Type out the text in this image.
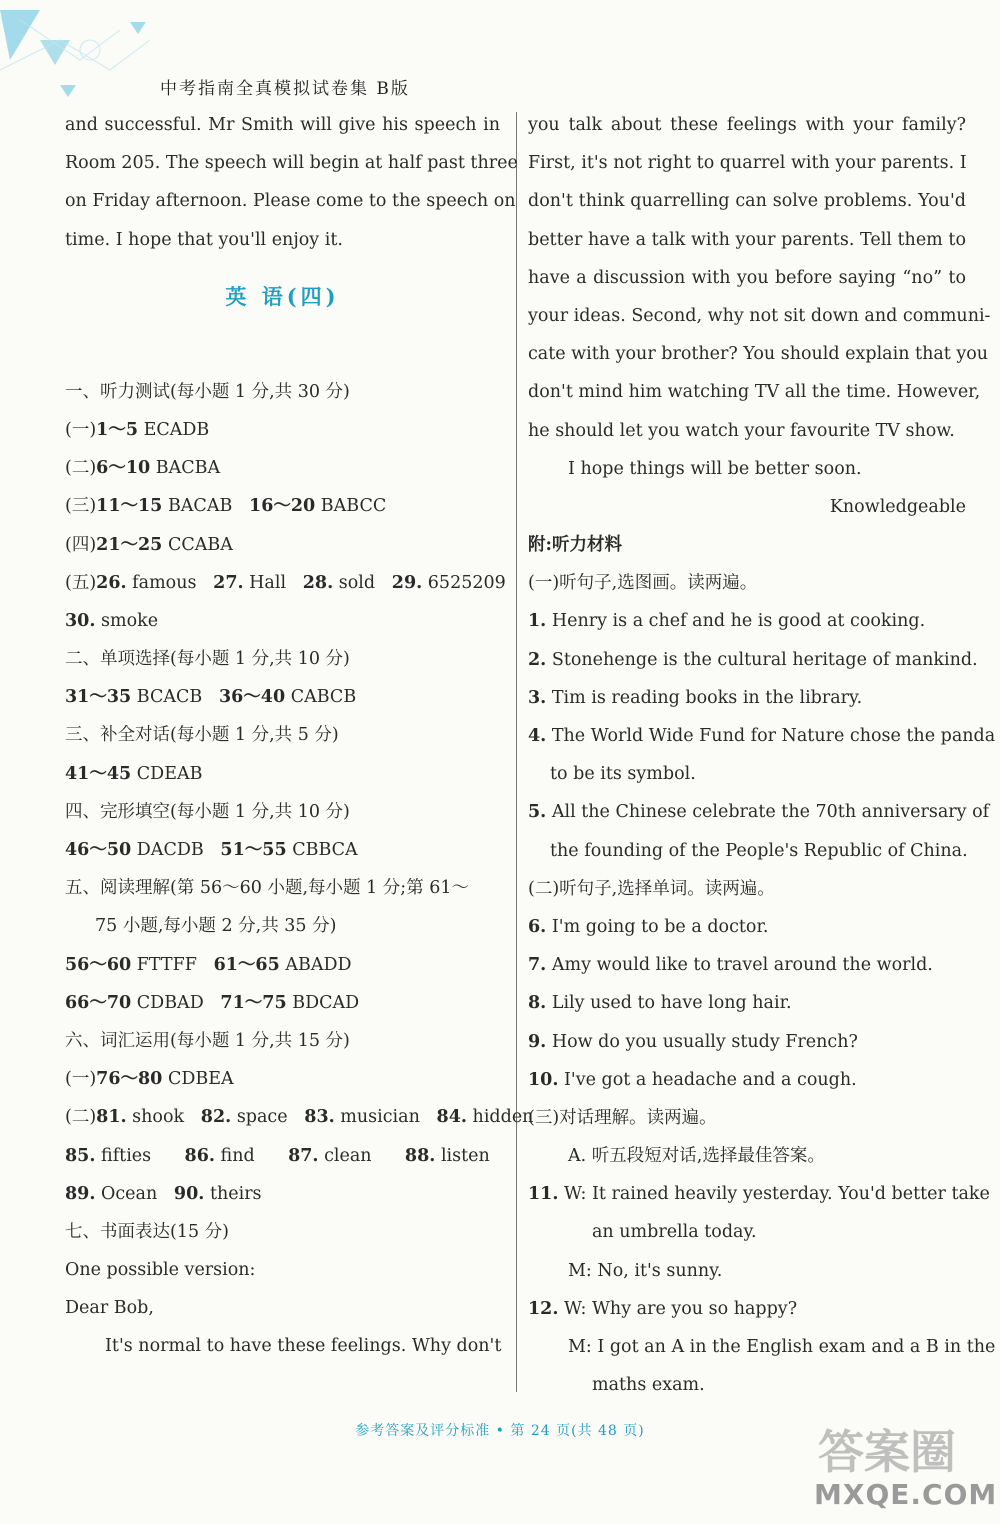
中考指南全真模拟试卷集 B版
and successful. Mr Smith will give his speech in
Room 205. The speech will begin at half past three
on Friday afternoon. Please come to the speech on
time. I hope that you'll enjoy it.
英 语(四)
一、听力测试(每小题 1 分,共 30 分)
(一)1～5 ECADB
(二)6～10 BACBA
(三)11～15 BACAB   16～20 BABCC
(四)21～25 CCABA
(五)26. famous   27. Hall   28. sold   29. 6525209
30. smoke
二、单项选择(每小题 1 分,共 10 分)
31～35 BCACB   36～40 CABCB
三、补全对话(每小题 1 分,共 5 分)
41～45 CDEAB
四、完形填空(每小题 1 分,共 10 分)
46～50 DACDB   51～55 CBBCA
五、阅读理解(第 56～60 小题,每小题 1 分;第 61～
75 小题,每小题 2 分,共 35 分)
56～60 FTTFF   61～65 ABADD
66～70 CDBAD   71～75 BDCAD
六、词汇运用(每小题 1 分,共 15 分)
(一)76～80 CDBEA
(二)81. shook   82. space   83. musician   84. hidden
85. fifties      86. find      87. clean      88. listen
89. Ocean   90. theirs
七、书面表达(15 分)
One possible version:
Dear Bob,
It's normal to have these feelings. Why don't
you talk about these feelings with your family?
First, it's not right to quarrel with your parents. I
don't think quarrelling can solve problems. You'd
better have a talk with your parents. Tell them to
have a discussion with you before saying “no” to
your ideas. Second, why not sit down and communi-
cate with your brother? You should explain that you
don't mind him watching TV all the time. However,
he should let you watch your favourite TV show.
I hope things will be better soon.
Knowledgeable
附:听力材料
(一)听句子,选图画。读两遍。
1. Henry is a chef and he is good at cooking.
2. Stonehenge is the cultural heritage of mankind.
3. Tim is reading books in the library.
4. The World Wide Fund for Nature chose the panda
to be its symbol.
5. All the Chinese celebrate the 70th anniversary of
the founding of the People's Republic of China.
(二)听句子,选择单词。读两遍。
6. I'm going to be a doctor.
7. Amy would like to travel around the world.
8. Lily used to have long hair.
9. How do you usually study French?
10. I've got a headache and a cough.
(三)对话理解。读两遍。
A. 听五段短对话,选择最佳答案。
11. W: It rained heavily yesterday. You'd better take
an umbrella today.
M: No, it's sunny.
12. W: Why are you so happy?
M: I got an A in the English exam and a B in the
maths exam.
参考答案及评分标准 • 第 24 页(共 48 页)	答案圈
MXQE.COM
